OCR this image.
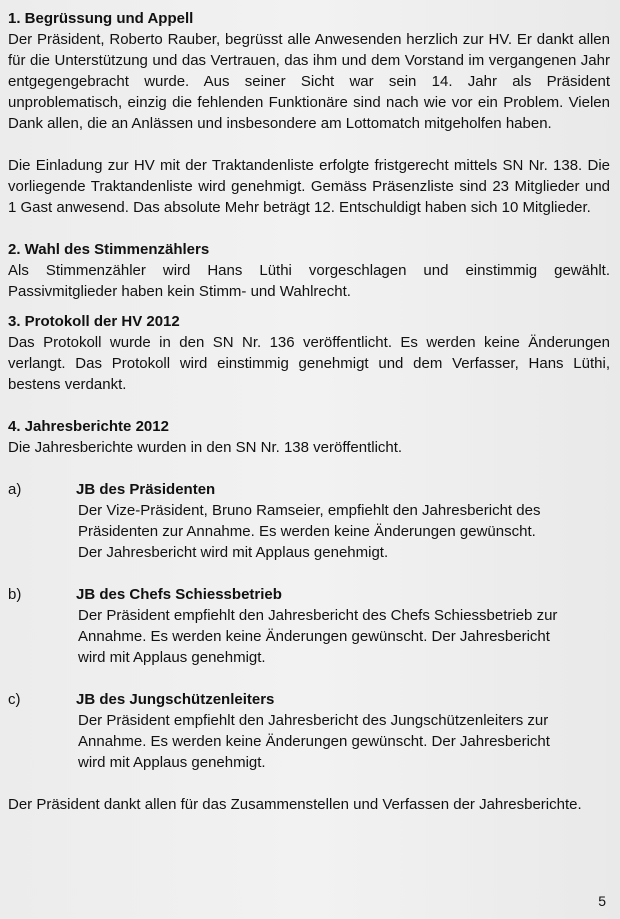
1. Begrüssung und Appell

Der Präsident, Roberto Rauber, begrüsst alle Anwesenden herzlich zur HV. Er dankt allen für die Unterstützung und das Vertrauen, das ihm und dem Vorstand im vergangenen Jahr entgegengebracht wurde. Aus seiner Sicht war sein 14. Jahr als Präsident unproblematisch, einzig die fehlenden Funktionäre sind nach wie vor ein Problem. Vielen Dank allen, die an Anlässen und insbesondere am Lottomatch mitgeholfen haben.

Die Einladung zur HV mit der Traktandenliste erfolgte fristgerecht mittels SN Nr. 138. Die vorliegende Traktandenliste wird genehmigt. Gemäss Präsenzliste sind 23 Mitglieder und 1 Gast anwesend. Das absolute Mehr beträgt 12. Entschuldigt haben sich 10 Mitglieder.

2. Wahl des Stimmenzählers

Als Stimmenzähler wird Hans Lüthi vorgeschlagen und einstimmig gewählt. Passivmitglieder haben kein Stimm- und Wahlrecht.

3. Protokoll der HV 2012

Das Protokoll wurde in den SN Nr. 136 veröffentlicht. Es werden keine Änderungen verlangt. Das Protokoll wird einstimmig genehmigt und dem Verfasser, Hans Lüthi, bestens verdankt.

4. Jahresberichte 2012

Die Jahresberichte wurden in den SN Nr. 138 veröffentlicht.

a)	JB des Präsidenten
Der Vize-Präsident, Bruno Ramseier, empfiehlt den Jahresbericht des
Präsidenten zur Annahme. Es werden keine Änderungen gewünscht.
Der Jahresbericht wird mit Applaus genehmigt.
b)	JB des Chefs Schiessbetrieb
Der Präsident empfiehlt den Jahresbericht des Chefs Schiessbetrieb zur
Annahme. Es werden keine Änderungen gewünscht. Der Jahresbericht
wird mit Applaus genehmigt.
c)	JB des Jungschützenleiters
Der Präsident empfiehlt den Jahresbericht des Jungschützenleiters zur
Annahme. Es werden keine Änderungen gewünscht. Der Jahresbericht
wird mit Applaus genehmigt.

Der Präsident dankt allen für das Zusammenstellen und Verfassen der Jahresberichte.

5
